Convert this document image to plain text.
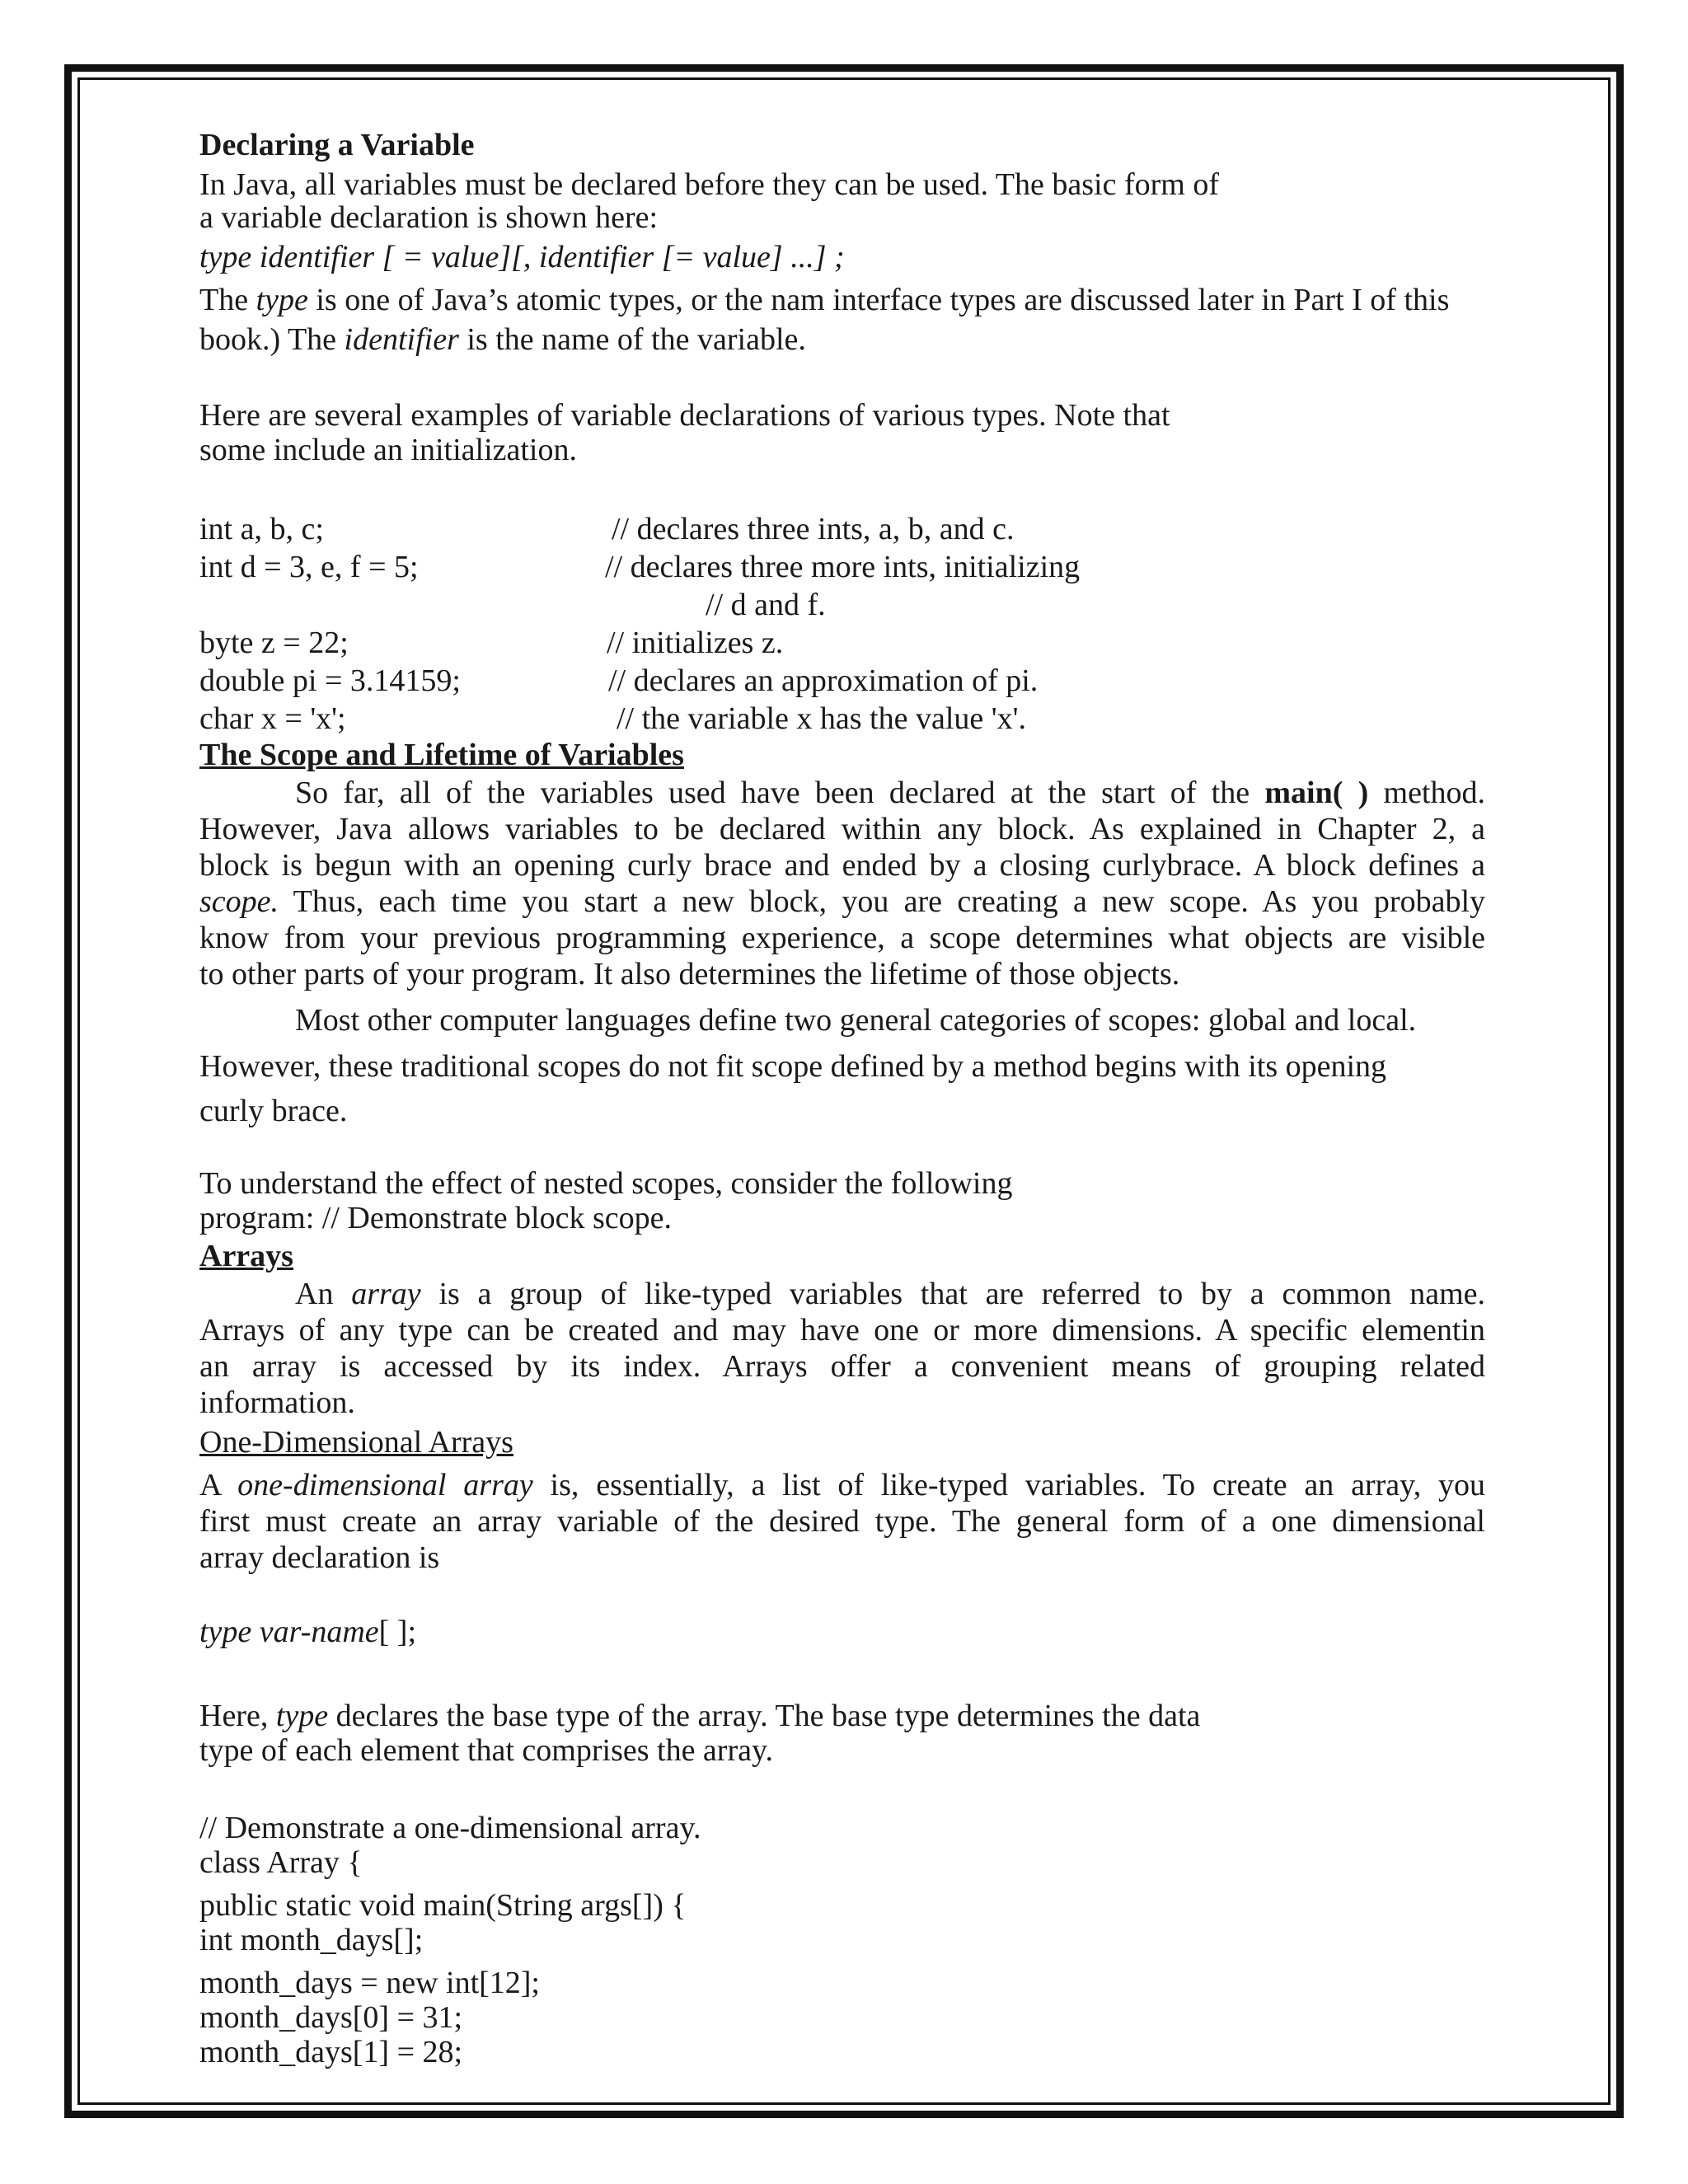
Declaring a Variable
In Java, all variables must be declared before they can be used. The basic form of
a variable declaration is shown here:
type identifier [ = value][, identifier [= value] ...] ;
The type is one of Java’s atomic types, or the nam interface types are discussed later in Part I of this
book.) The identifier is the name of the variable.
Here are several examples of variable declarations of various types. Note that
some include an initialization.
int a, b, c;	// declares three ints, a, b, and c.
int d = 3, e, f = 5;	// declares three more ints, initializing
// d and f.
byte z = 22;	// initializes z.
double pi = 3.14159;	// declares an approximation of pi.
char x = 'x';	// the variable x has the value 'x'.
The Scope and Lifetime of Variables
So far, all of the variables used have been declared at the start of the main( ) method.
However, Java allows variables to be declared within any block. As explained in Chapter 2, a
block is begun with an opening curly brace and ended by a closing curlybrace. A block defines a
scope. Thus, each time you start a new block, you are creating a new scope. As you probably
know from your previous programming experience, a scope determines what objects are visible
to other parts of your program. It also determines the lifetime of those objects.
Most other computer languages define two general categories of scopes: global and local.
However, these traditional scopes do not fit scope defined by a method begins with its opening
curly brace.
To understand the effect of nested scopes, consider the following
program: // Demonstrate block scope.
Arrays
An array is a group of like-typed variables that are referred to by a common name.
Arrays of any type can be created and may have one or more dimensions. A specific elementin
an array is accessed by its index. Arrays offer a convenient means of grouping related
information.
One-Dimensional Arrays
A one-dimensional array is, essentially, a list of like-typed variables. To create an array, you
first must create an array variable of the desired type. The general form of a one dimensional
array declaration is
type var-name[ ];
Here, type declares the base type of the array. The base type determines the data
type of each element that comprises the array.
// Demonstrate a one-dimensional array.
class Array {
public static void main(String args[]) {
int month_days[];
month_days = new int[12];
month_days[0] = 31;
month_days[1] = 28;
